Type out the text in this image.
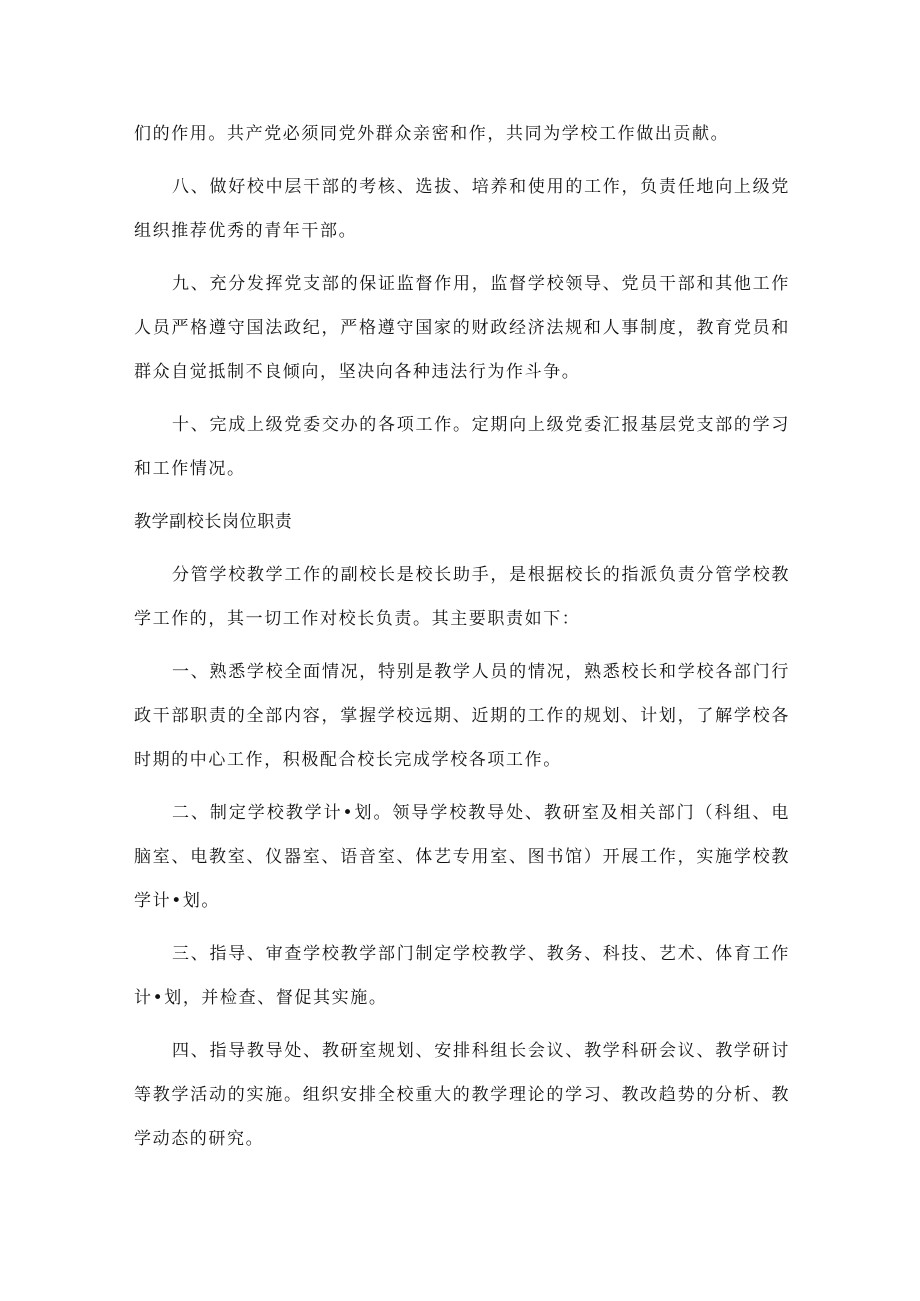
们的作用。共产党必须同党外群众亲密和作，共同为学校工作做出贡献。

八、做好校中层干部的考核、选拔、培养和使用的工作，负责任地向上级党组织推荐优秀的青年干部。

九、充分发挥党支部的保证监督作用，监督学校领导、党员干部和其他工作人员严格遵守国法政纪，严格遵守国家的财政经济法规和人事制度，教育党员和群众自觉抵制不良倾向，坚决向各种违法行为作斗争。

十、完成上级党委交办的各项工作。定期向上级党委汇报基层党支部的学习和工作情况。

教学副校长岗位职责

分管学校教学工作的副校长是校长助手，是根据校长的指派负责分管学校教学工作的，其一切工作对校长负责。其主要职责如下：

一、熟悉学校全面情况，特别是教学人员的情况，熟悉校长和学校各部门行政干部职责的全部内容，掌握学校远期、近期的工作的规划、计划，了解学校各时期的中心工作，积极配合校长完成学校各项工作。

二、制定学校教学计•划。领导学校教导处、教研室及相关部门（科组、电脑室、电教室、仪器室、语音室、体艺专用室、图书馆）开展工作，实施学校教学计•划。

三、指导、审查学校教学部门制定学校教学、教务、科技、艺术、体育工作计•划，并检查、督促其实施。

四、指导教导处、教研室规划、安排科组长会议、教学科研会议、教学研讨等教学活动的实施。组织安排全校重大的教学理论的学习、教改趋势的分析、教学动态的研究。
